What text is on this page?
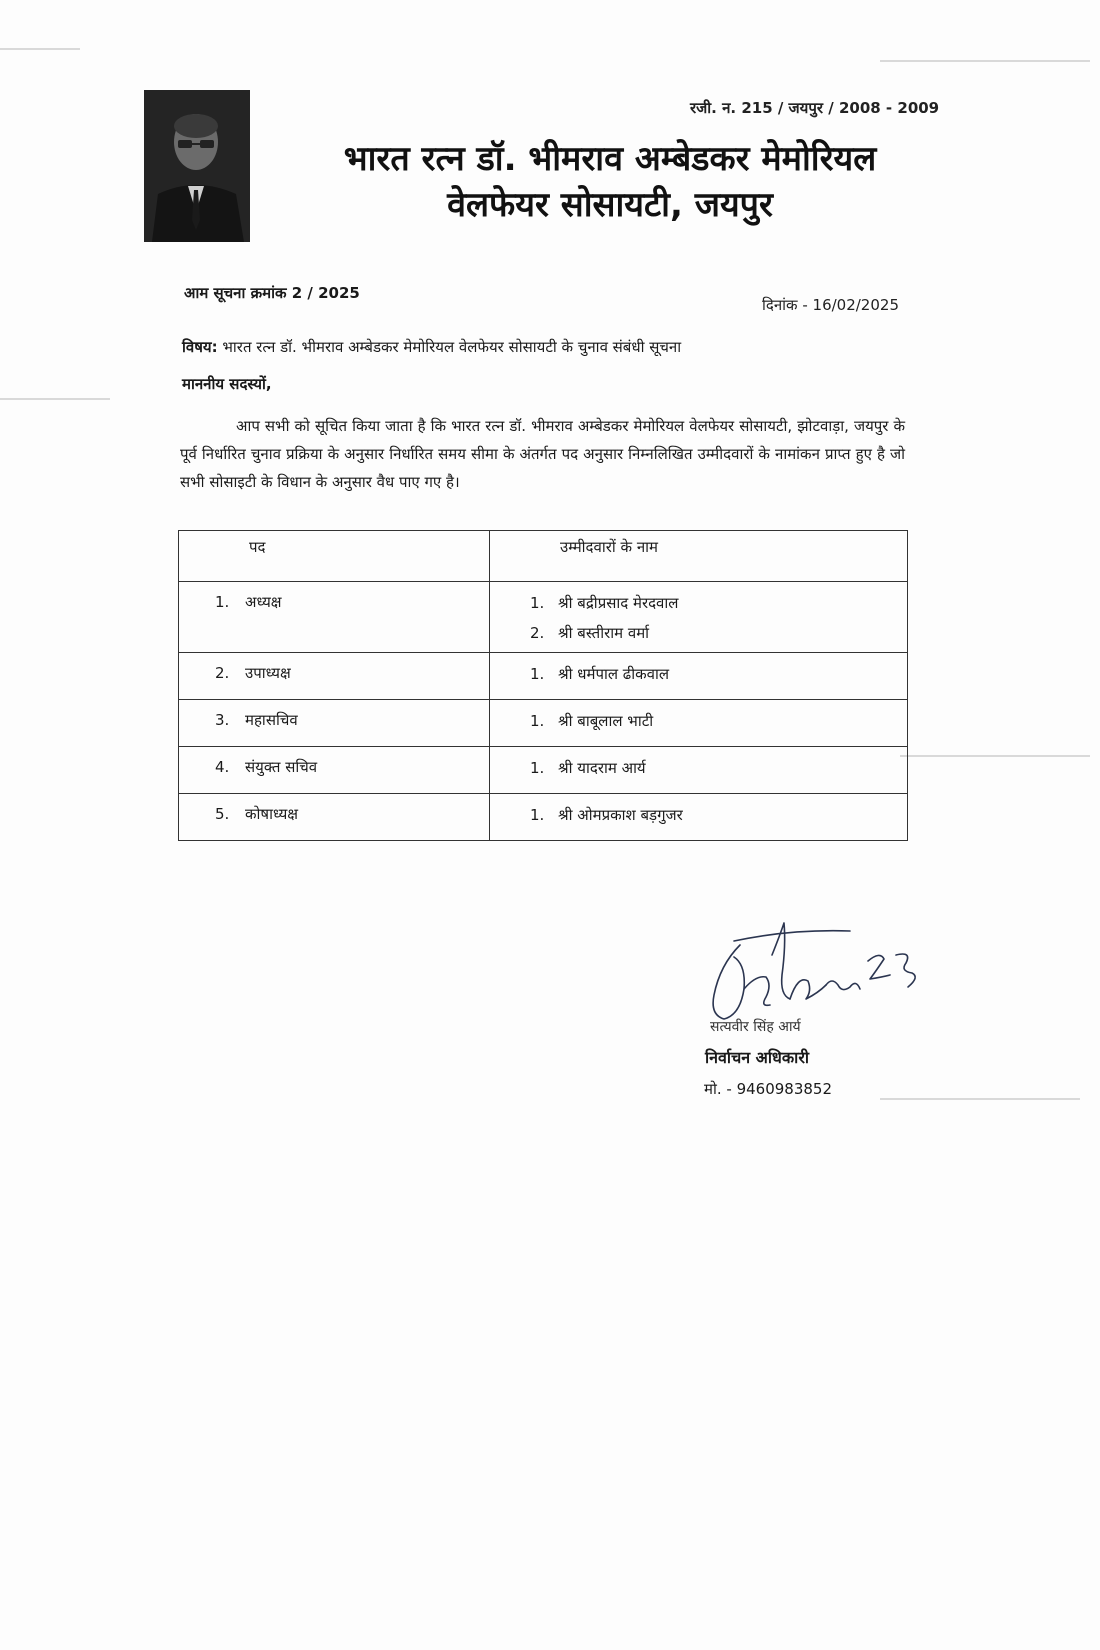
रजी. न. 215 / जयपुर / 2008 - 2009
भारत रत्न डॉ. भीमराव अम्बेडकर मेमोरियल
वेलफेयर सोसायटी, जयपुर
आम सूचना क्रमांक 2 / 2025
दिनांक - 16/02/2025
विषय: भारत रत्न डॉ. भीमराव अम्बेडकर मेमोरियल वेलफेयर सोसायटी के चुनाव संबंधी सूचना
माननीय सदस्यों,
आप सभी को सूचित किया जाता है कि भारत रत्न डॉ. भीमराव अम्बेडकर मेमोरियल वेलफेयर सोसायटी, झोटवाड़ा, जयपुर के पूर्व निर्धारित चुनाव प्रक्रिया के अनुसार निर्धारित समय सीमा के अंतर्गत पद अनुसार निम्नलिखित उम्मीदवारों के नामांकन प्राप्त हुए है जो सभी सोसाइटी के विधान के अनुसार वैध पाए गए है।
पद	उम्मीदवारों के नाम
1. अध्यक्ष	1. श्री बद्रीप्रसाद मेरदवाल
2. श्री बस्तीराम वर्मा

2. उपाध्यक्ष	1. श्री धर्मपाल ढीकवाल

3. महासचिव	1. श्री बाबूलाल भाटी

4. संयुक्त सचिव	1. श्री यादराम आर्य

5. कोषाध्यक्ष	1. श्री ओमप्रकाश बड़गुजर
सत्यवीर सिंह आर्य
निर्वाचन अधिकारी
मो. - 9460983852
